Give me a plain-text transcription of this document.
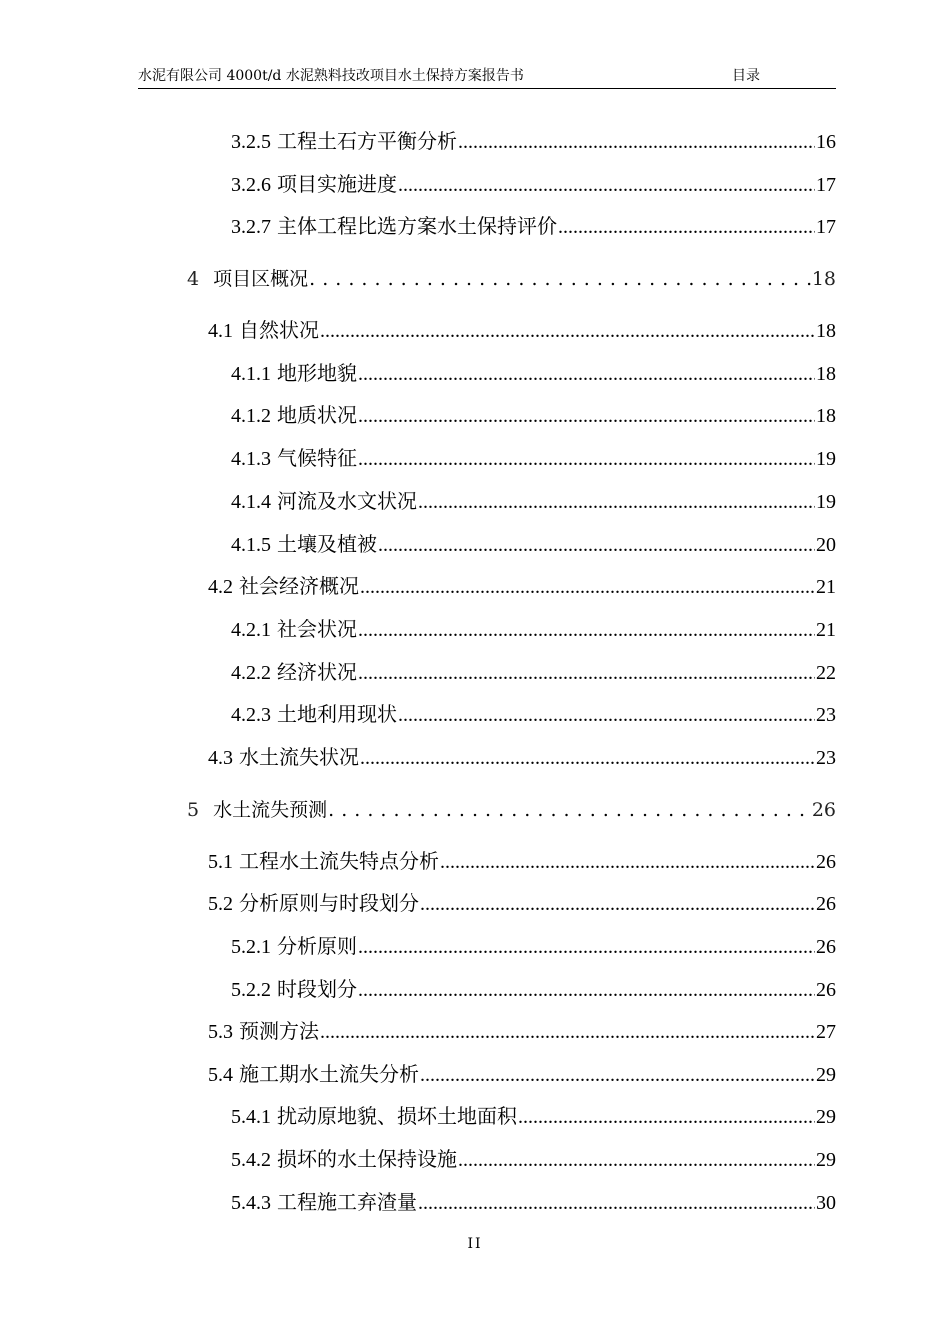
水泥有限公司 4000t/d 水泥熟料技改项目水土保持方案报告书	目录
3.2.5 工程土石方平衡分析 .....	16
3.2.6 项目实施进度 .....	17
3.2.7 主体工程比选方案水土保持评价 .....	17
4 项目区概况 . . .	18
4.1 自然状况 .....	18
4.1.1 地形地貌 .....	18
4.1.2 地质状况 .....	18
4.1.3 气候特征 .....	19
4.1.4 河流及水文状况 .....	19
4.1.5 土壤及植被 .....	20
4.2 社会经济概况 .....	21
4.2.1 社会状况 .....	21
4.2.2 经济状况 .....	22
4.2.3 土地利用现状 .....	23
4.3 水土流失状况 .....	23
5 水土流失预测 . . .	26
5.1 工程水土流失特点分析 .....	26
5.2 分析原则与时段划分 .....	26
5.2.1 分析原则 .....	26
5.2.2 时段划分 .....	26
5.3 预测方法 .....	27
5.4 施工期水土流失分析 .....	29
5.4.1 扰动原地貌、损坏土地面积 .....	29
5.4.2 损坏的水土保持设施 .....	29
5.4.3 工程施工弃渣量 .....	30
II
